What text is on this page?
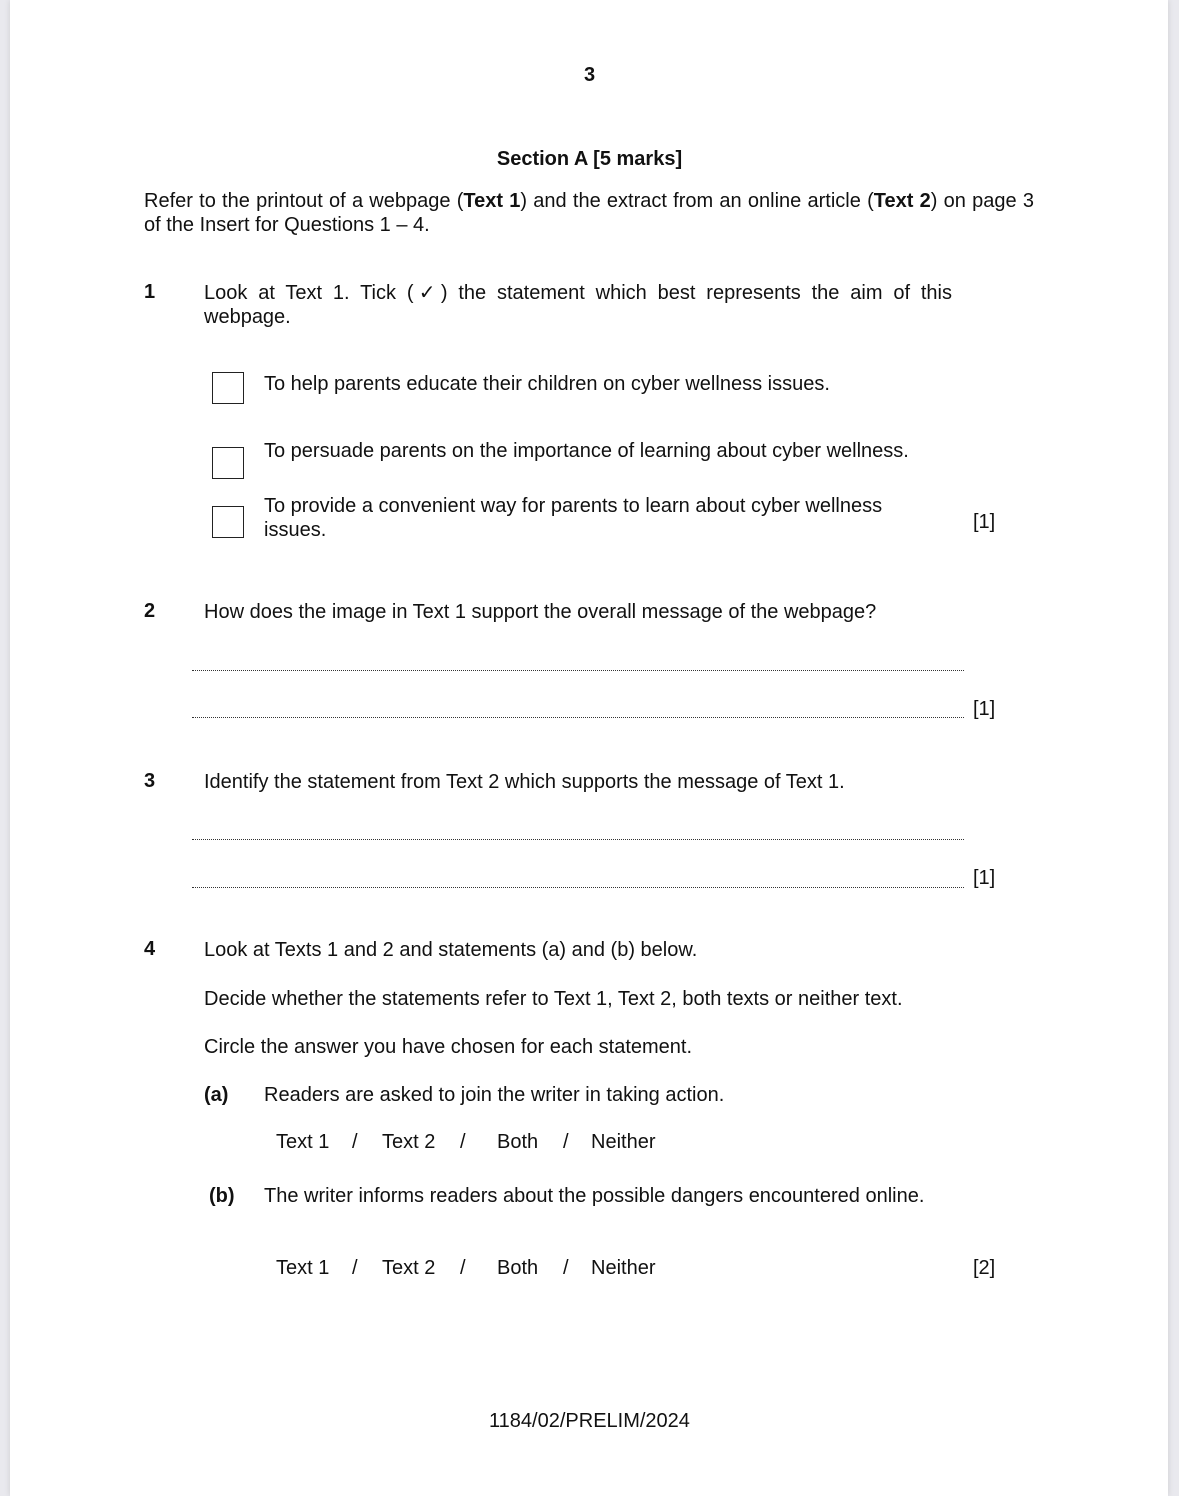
3
Section A [5 marks]
Refer to the printout of a webpage (Text 1) and the extract from an online article (Text 2) on page 3 of the Insert for Questions 1 – 4.
1 Look at Text 1. Tick (✓) the statement which best represents the aim of this webpage.
To help parents educate their children on cyber wellness issues.
To persuade parents on the importance of learning about cyber wellness.
To provide a convenient way for parents to learn about cyber wellness issues.	[1]
2 How does the image in Text 1 support the overall message of the webpage?
[1]
3 Identify the statement from Text 2 which supports the message of Text 1.
[1]
4 Look at Texts 1 and 2 and statements (a) and (b) below.
Decide whether the statements refer to Text 1, Text 2, both texts or neither text.
Circle the answer you have chosen for each statement.
(a) Readers are asked to join the writer in taking action.
Text 1 / Text 2 / Both / Neither
(b) The writer informs readers about the possible dangers encountered online.
Text 1 / Text 2 / Both / Neither	[2]
1184/02/PRELIM/2024
